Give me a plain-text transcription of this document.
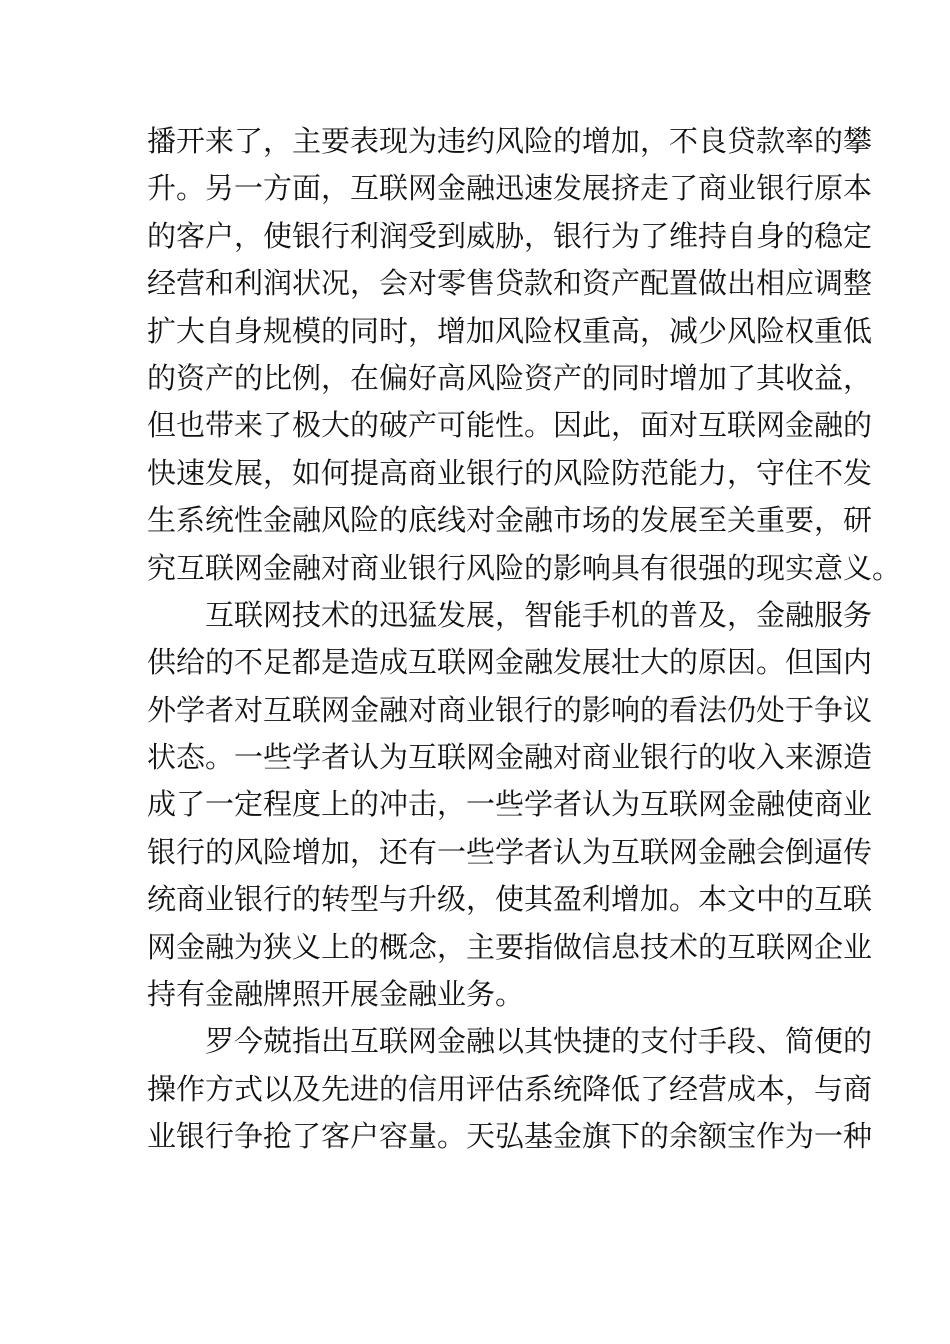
播开来了，主要表现为违约风险的增加，不良贷款率的攀
升。另一方面，互联网金融迅速发展挤走了商业银行原本
的客户，使银行利润受到威胁，银行为了维持自身的稳定
经营和利润状况，会对零售贷款和资产配置做出相应调整
扩大自身规模的同时，增加风险权重高，减少风险权重低
的资产的比例，在偏好高风险资产的同时增加了其收益，
但也带来了极大的破产可能性。因此，面对互联网金融的
快速发展，如何提高商业银行的风险防范能力，守住不发
生系统性金融风险的底线对金融市场的发展至关重要，研
究互联网金融对商业银行风险的影响具有很强的现实意义。
互联网技术的迅猛发展，智能手机的普及，金融服务
供给的不足都是造成互联网金融发展壮大的原因。但国内
外学者对互联网金融对商业银行的影响的看法仍处于争议
状态。一些学者认为互联网金融对商业银行的收入来源造
成了一定程度上的冲击，一些学者认为互联网金融使商业
银行的风险增加，还有一些学者认为互联网金融会倒逼传
统商业银行的转型与升级，使其盈利增加。本文中的互联
网金融为狭义上的概念，主要指做信息技术的互联网企业
持有金融牌照开展金融业务。
罗今兢指出互联网金融以其快捷的支付手段、简便的
操作方式以及先进的信用评估系统降低了经营成本，与商
业银行争抢了客户容量。天弘基金旗下的余额宝作为一种
